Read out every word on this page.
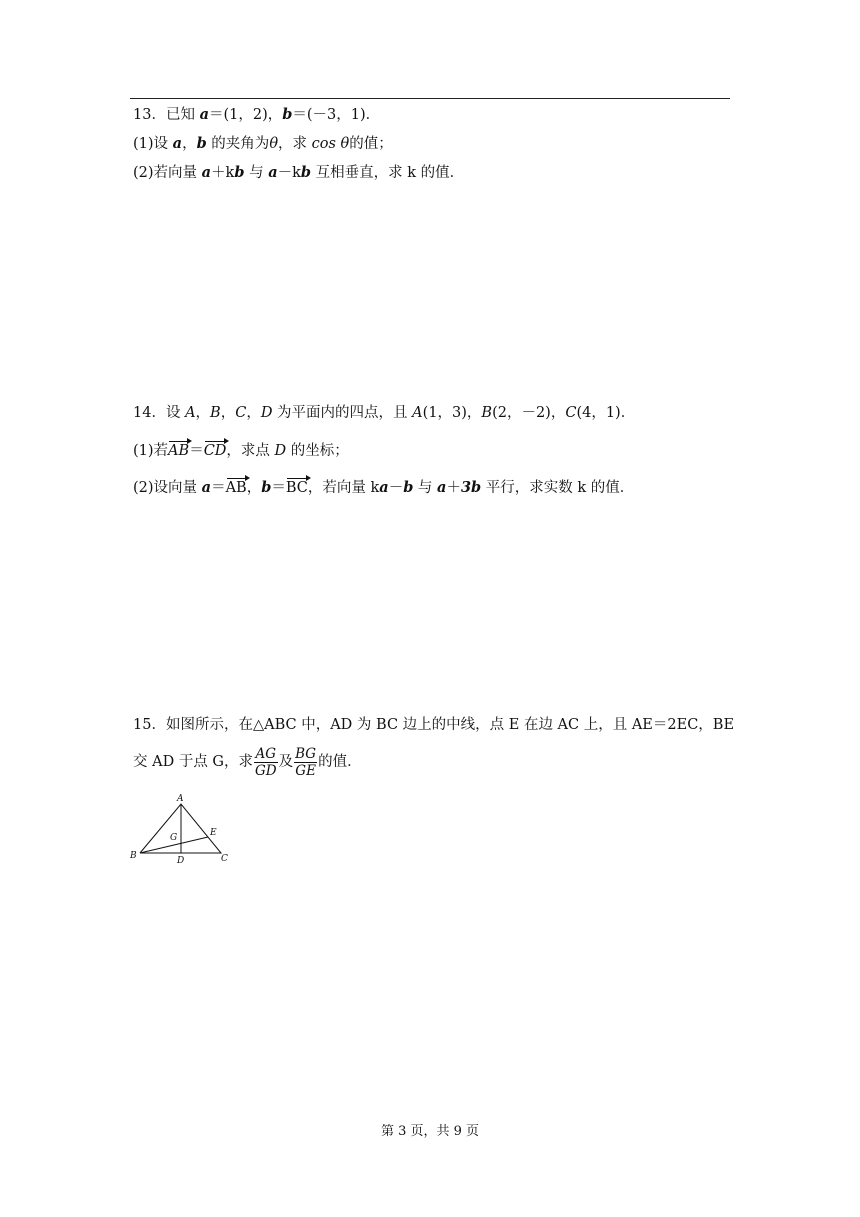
13．已知 a＝(1，2)，b＝(－3，1)．
(1)设 a，b 的夹角为θ，求 cos θ的值；
(2)若向量 a＋kb 与 a－kb 互相垂直，求 k 的值．
14．设 A，B，C，D 为平面内的四点，且 A(1，3)，B(2，－2)，C(4，1)．
(1)若AB＝CD，求点 D 的坐标；
(2)设向量 a＝AB，b＝BC，若向量 ka－b 与 a＋3b 平行，求实数 k 的值．
15．如图所示，在△ABC 中，AD 为 BC 边上的中线，点 E 在边 AC 上，且 AE＝2EC，BE
交 AD 于点 G，求 $\frac{AG}{GD}$ 及 $\frac{BG}{GE}$ 的值．
A
B	C
D
E
G
第 3 页，共 9 页
